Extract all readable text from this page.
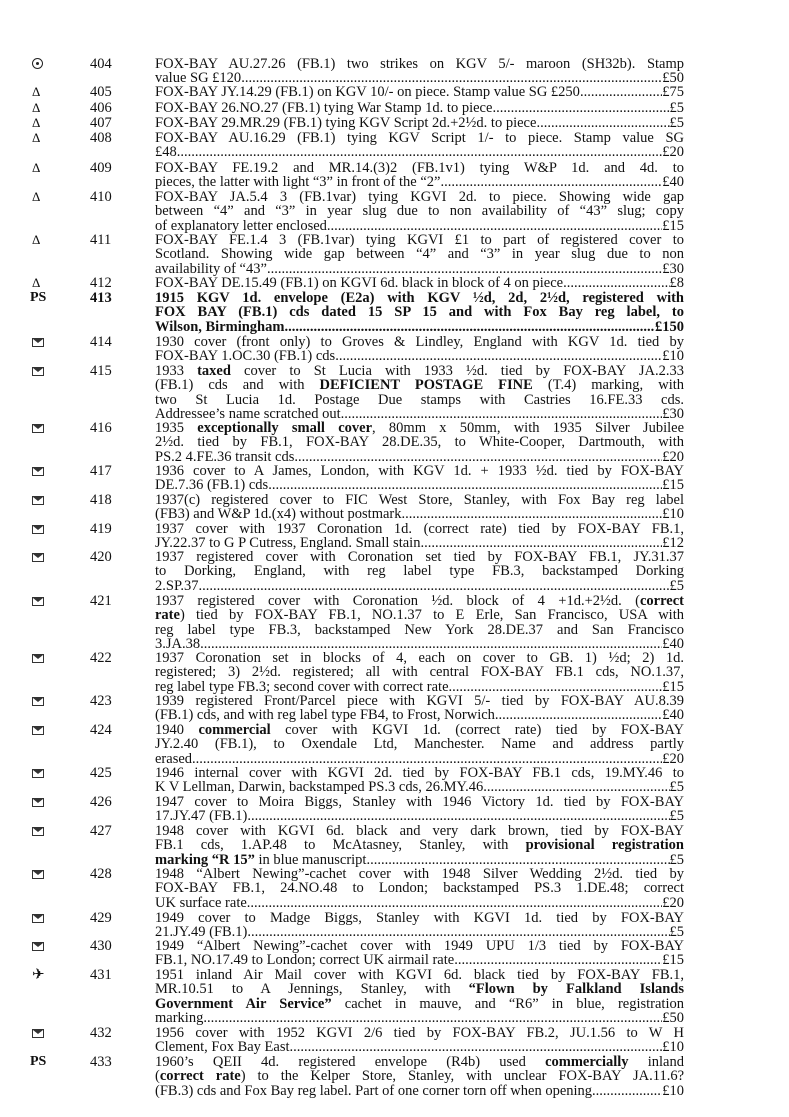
404	FOX-BAY AU.27.26 (FB.1) two strikes on KGV 5/- maroon (SH32b). Stamp
value SG £120 .....	£50
Δ	405	FOX-BAY JY.14.29 (FB.1) on KGV 10/- on piece. Stamp value SG £250 .....	£75
Δ	406	FOX-BAY 26.NO.27 (FB.1) tying War Stamp 1d. to piece .....	£5
Δ	407	FOX-BAY 29.MR.29 (FB.1) tying KGV Script 2d.+2½d. to piece .....	£5
Δ	408	FOX-BAY AU.16.29 (FB.1) tying KGV Script 1/- to piece. Stamp value SG
£48 .....	£20
Δ	409	FOX-BAY FE.19.2 and MR.14.(3)2 (FB.1v1) tying W&P 1d. and 4d. to
pieces, the latter with light “3” in front of the “2” .....	£40
Δ	410	FOX-BAY JA.5.4 3 (FB.1var) tying KGVI 2d. to piece. Showing wide gap
between “4” and “3” in year slug due to non availability of “43” slug; copy
of explanatory letter enclosed .....	£15
Δ	411	FOX-BAY FE.1.4 3 (FB.1var) tying KGVI £1 to part of registered cover to
Scotland. Showing wide gap between “4” and “3” in year slug due to non
availability of “43” .....	£30
Δ	412	FOX-BAY DE.15.49 (FB.1) on KGVI 6d. black in block of 4 on piece .....	£8
PS	413	1915 KGV 1d. envelope (E2a) with KGV ½d, 2d, 2½d, registered with
FOX BAY (FB.1) cds dated 15 SP 15 and with Fox Bay reg label, to
Wilson, Birmingham .....	£150
414	1930 cover (front only) to Groves & Lindley, England with KGV 1d. tied by
FOX-BAY 1.OC.30 (FB.1) cds .....	£10
415	1933 taxed cover to St Lucia with 1933 ½d. tied by FOX-BAY JA.2.33
(FB.1) cds and with DEFICIENT POSTAGE FINE (T.4) marking, with
two St Lucia 1d. Postage Due stamps with Castries 16.FE.33 cds.
Addressee’s name scratched out .....	£30
416	1935 exceptionally small cover, 80mm x 50mm, with 1935 Silver Jubilee
2½d. tied by FB.1, FOX-BAY 28.DE.35, to White-Cooper, Dartmouth, with
PS.2 4.FE.36 transit cds .....	£20
417	1936 cover to A James, London, with KGV 1d. + 1933 ½d. tied by FOX-BAY
DE.7.36 (FB.1) cds .....	£15
418	1937(c) registered cover to FIC West Store, Stanley, with Fox Bay reg label
(FB3) and W&P 1d.(x4) without postmark .....	£10
419	1937 cover with 1937 Coronation 1d. (correct rate) tied by FOX-BAY FB.1,
JY.22.37 to G P Cutress, England. Small stain .....	£12
420	1937 registered cover with Coronation set tied by FOX-BAY FB.1, JY.31.37
to Dorking, England, with reg label type FB.3, backstamped Dorking
2.SP.37 .....	£5
421	1937 registered cover with Coronation ½d. block of 4 +1d.+2½d. (correct
rate) tied by FOX-BAY FB.1, NO.1.37 to E Erle, San Francisco, USA with
reg label type FB.3, backstamped New York 28.DE.37 and San Francisco
3.JA.38 .....	£40
422	1937 Coronation set in blocks of 4, each on cover to GB. 1) ½d; 2) 1d.
registered; 3) 2½d. registered; all with central FOX-BAY FB.1 cds, NO.1.37,
reg label type FB.3; second cover with correct rate .....	£15
423	1939 registered Front/Parcel piece with KGVI 5/- tied by FOX-BAY AU.8.39
(FB.1) cds, and with reg label type FB4, to Frost, Norwich .....	£40
424	1940 commercial cover with KGVI 1d. (correct rate) tied by FOX-BAY
JY.2.40 (FB.1), to Oxendale Ltd, Manchester. Name and address partly
erased .....	£20
425	1946 internal cover with KGVI 2d. tied by FOX-BAY FB.1 cds, 19.MY.46 to
K V Lellman, Darwin, backstamped PS.3 cds, 26.MY.46 .....	£5
426	1947 cover to Moira Biggs, Stanley with 1946 Victory 1d. tied by FOX-BAY
17.JY.47 (FB.1) .....	£5
427	1948 cover with KGVI 6d. black and very dark brown, tied by FOX-BAY
FB.1 cds, 1.AP.48 to McAtasney, Stanley, with provisional registration
marking “R 15” in blue manuscript .....	£5
428	1948 “Albert Newing”-cachet cover with 1948 Silver Wedding 2½d. tied by
FOX-BAY FB.1, 24.NO.48 to London; backstamped PS.3 1.DE.48; correct
UK surface rate .....	£20
429	1949 cover to Madge Biggs, Stanley with KGVI 1d. tied by FOX-BAY
21.JY.49 (FB.1) .....	£5
430	1949 “Albert Newing”-cachet cover with 1949 UPU 1/3 tied by FOX-BAY
FB.1, NO.17.49 to London; correct UK airmail rate .....	£15
✈	431	1951 inland Air Mail cover with KGVI 6d. black tied by FOX-BAY FB.1,
MR.10.51 to A Jennings, Stanley, with “Flown by Falkland Islands
Government Air Service” cachet in mauve, and “R6” in blue, registration
marking .....	£50
432	1956 cover with 1952 KGVI 2/6 tied by FOX-BAY FB.2, JU.1.56 to W H
Clement, Fox Bay East .....	£10
PS	433	1960’s QEII 4d. registered envelope (R4b) used commercially inland
(correct rate) to the Kelper Store, Stanley, with unclear FOX-BAY JA.11.6?
(FB.3) cds and Fox Bay reg label. Part of one corner torn off when opening .....	£10
